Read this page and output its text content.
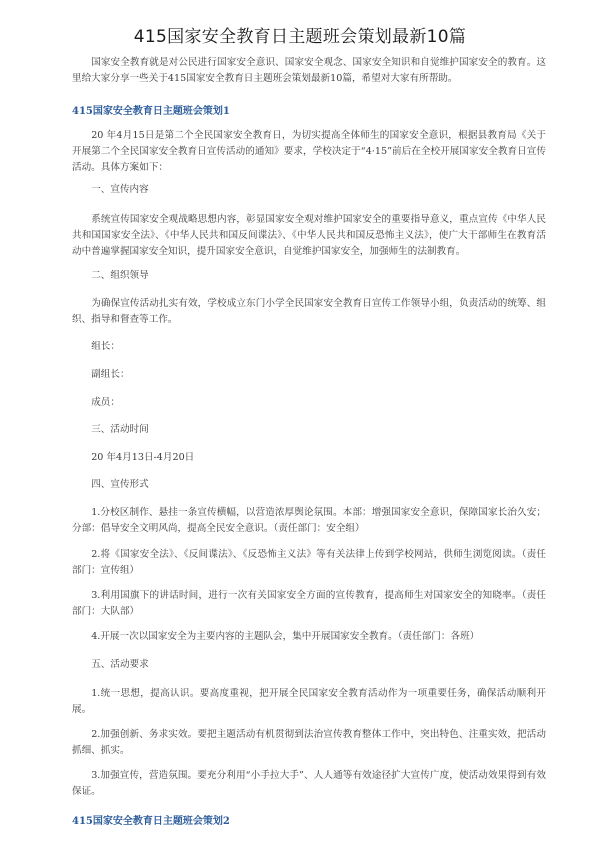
415国家安全教育日主题班会策划最新10篇

国家安全教育就是对公民进行国家安全意识、国家安全观念、国家安全知识和自觉维护国家安全的教育。这里给大家分享一些关于415国家安全教育日主题班会策划最新10篇，希望对大家有所帮助。

415国家安全教育日主题班会策划1

20 年4月15日是第二个全民国家安全教育日，为切实提高全体师生的国家安全意识，根据县教育局《关于开展第二个全民国家安全教育日宣传活动的通知》要求，学校决定于“4·15”前后在全校开展国家安全教育日宣传活动。具体方案如下：

一、宣传内容

系统宣传国家安全观战略思想内容，彰显国家安全观对维护国家安全的重要指导意义，重点宣传《中华人民共和国国家安全法》、《中华人民共和国反间谍法》、《中华人民共和国反恐怖主义法》，使广大干部师生在教育活动中普遍掌握国家安全知识，提升国家安全意识，自觉维护国家安全，加强师生的法制教育。

二、组织领导

为确保宣传活动扎实有效，学校成立东门小学全民国家安全教育日宣传工作领导小组，负责活动的统筹、组织、指导和督查等工作。

组长：

副组长：

成员：

三、活动时间

20 年4月13日-4月20日

四、宣传形式

1.分校区制作、悬挂一条宣传横幅，以营造浓厚舆论氛围。本部：增强国家安全意识，保障国家长治久安；分部：倡导安全文明风尚，提高全民安全意识。（责任部门：安全组）

2.将《国家安全法》、《反间谍法》、《反恐怖主义法》等有关法律上传到学校网站，供师生浏览阅读。（责任部门：宣传组）

3.利用国旗下的讲话时间，进行一次有关国家安全方面的宣传教育，提高师生对国家安全的知晓率。（责任部门：大队部）

4.开展一次以国家安全为主要内容的主题队会，集中开展国家安全教育。（责任部门：各班）

五、活动要求

1.统一思想，提高认识。要高度重视，把开展全民国家安全教育活动作为一项重要任务，确保活动顺利开展。

2.加强创新、务求实效。要把主题活动有机贯彻到法治宣传教育整体工作中，突出特色、注重实效，把活动抓细、抓实。

3.加强宣传，营造氛围。要充分利用“小手拉大手”、人人通等有效途径扩大宣传广度，使活动效果得到有效保证。

415国家安全教育日主题班会策划2
